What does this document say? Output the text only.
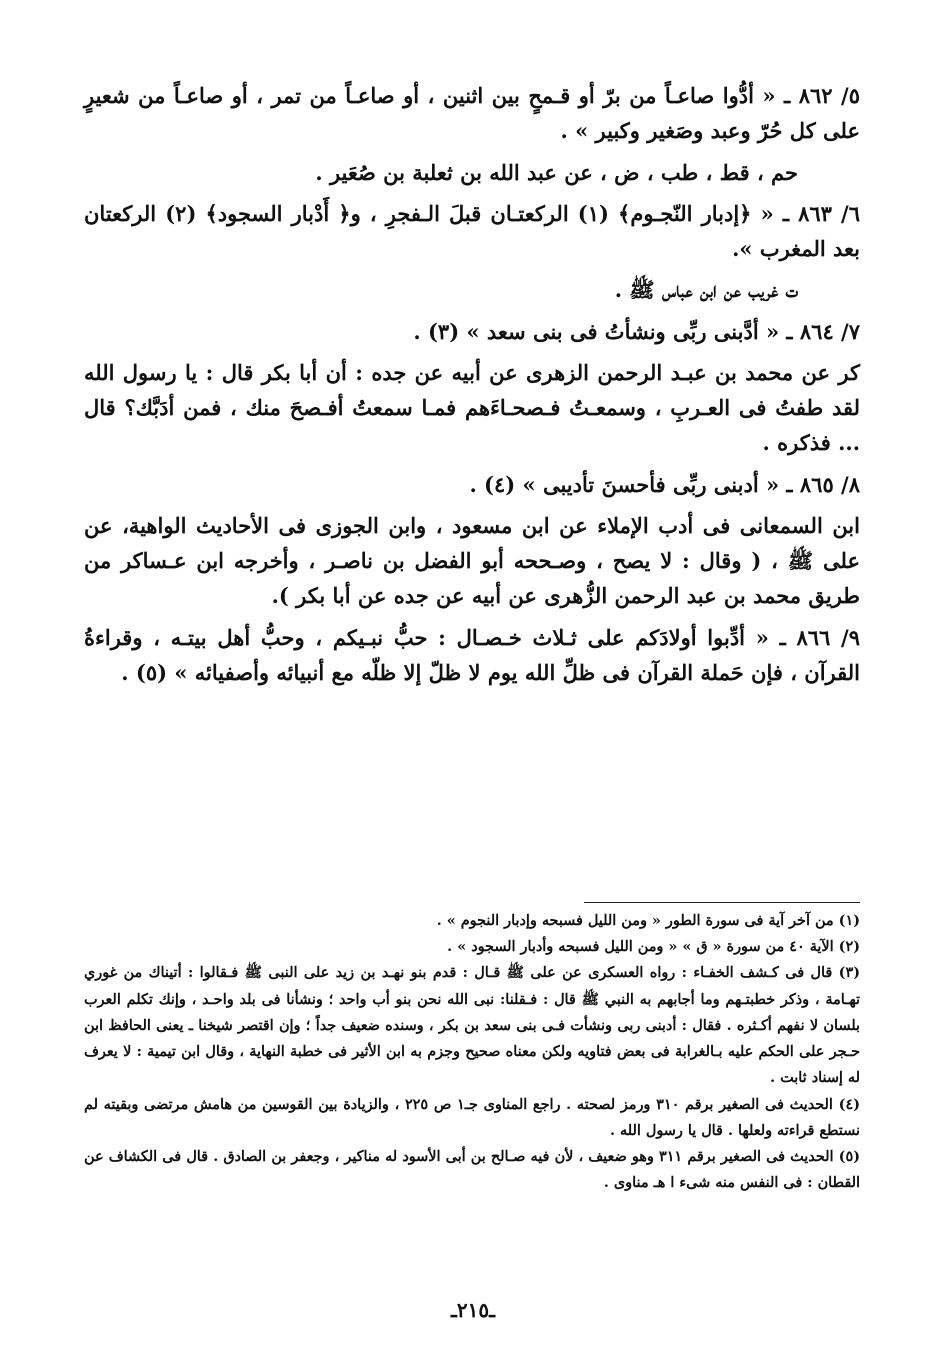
٥/ ٨٦٢ ـ « أدُّوا صاعـاً من برّ أو قـمحٍ بين اثنين ، أو صاعـاً من تمر ، أو صاعـاً من شعيرٍ على كل حُرّ وعبد وصَغير وكبير » .

حم ، قط ، طب ، ض ، عن عبد الله بن ثعلبة بن صُعَير .

٦/ ٨٦٣ ـ « ﴿إدبار النّجـوم﴾ (١) الركعتـان قبلَ الـفجرِ ، و﴿ أَدْبار السجود﴾ (٢) الركعتان بعد المغرب ».

ت غريب عن ابن عباس ﷺ .

٧/ ٨٦٤ ـ « أدَّبنى ربِّى ونشأتُ فى بنى سعد » (٣) .

كر عن محمد بن عبـد الرحمن الزهرى عن أبيه عن جده : أن أبا بكر قال : يا رسول الله لقد طفتُ فى العـربِ ، وسمعـتُ فـصحـاءَهم فمـا سمعتُ أفـصحَ منك ، فمن أدَبَّك؟ قال ... فذكره .

٨/ ٨٦٥ ـ « أدبنى ربِّى فأحسنَ تأديبى » (٤) .

ابن السمعانى فى أدب الإملاء عن ابن مسعود ، وابن الجوزى فى الأحاديث الواهية، عن على ﷺ ، ( وقال : لا يصح ، وصـححه أبو الفضل بن ناصـر ، وأخرجه ابن عـساكر من طريق محمد بن عبد الرحمن الزُّهرى عن أبيه عن جده عن أبا بكر ).

٩/ ٨٦٦ ـ « أدِّبوا أولادَكم على ثـلاث خـصـال : حبُّ نبـيكم ، وحبُّ أهل بيتـه ، وقراءةُ القرآن ، فإن حَملة القرآن فى ظلِّ الله يوم لا ظلّ إلا ظلّه مع أنبيائه وأصفيائه » (٥) .

(١) من آخر آية فى سورة الطور « ومن الليل فسبحه وإدبار النجوم » .

(٢) الآية ٤٠ من سورة « ق » « ومن الليل فسبحه وأدبار السجود » .

(٣) قال فى كـشف الخفـاء : رواه العسكرى عن على ﷺ قـال : قدم بنو نهـد بن زيد على النبى ﷺ فـقالوا : أتيناك من غوري تهـامة ، وذكر خطبتـهم وما أجابهم به النبي ﷺ قال : فـقلنا: نبى الله نحن بنو أب واحد ؛ ونشأنا فى بلد واحـد ، وإنك تكلم العرب بلسان لا نفهم أكـثره . فقال : أدبنى ربى ونشأت فـى بنى سعد بن بكر ، وسنده ضعيف جداً ؛ وإن اقتصر شيخنا ـ يعنى الحافظ ابن حـجر على الحكم عليه بـالغرابة فى بعض فتاويه ولكن معناه صحيح وجزم به ابن الأثير فى خطبة النهاية ، وقال ابن تيمية : لا يعرف له إسناد ثابت .

(٤) الحديث فى الصغير برقم ٣١٠ ورمز لصحته . راجع المناوى جـ١ ص ٢٢٥ ، والزيادة بين القوسين من هامش مرتضى وبقيته لم نستطع قراءته ولعلها . قال يا رسول الله .

(٥) الحديث فى الصغير برقم ٣١١ وهو ضعيف ، لأن فيه صـالح بن أبى الأسود له مناكير ، وجعفر بن الصادق . قال فى الكشاف عن القطان : فى النفس منه شىء ا هـ مناوى .

ـ٢١٥ـ
